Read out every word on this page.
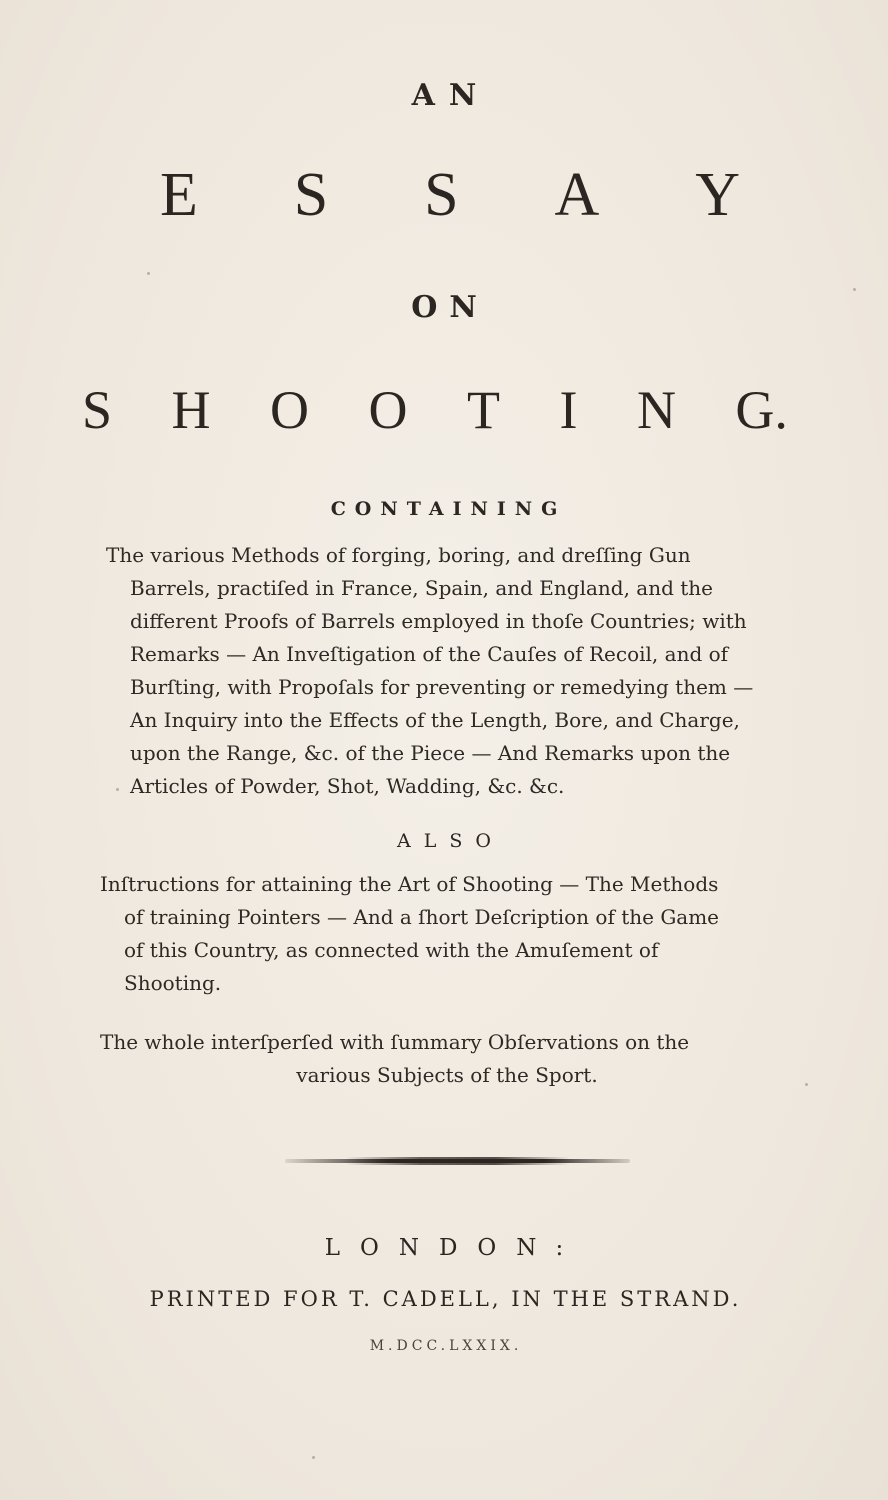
AN
E S S A Y
ON
S H O O T I N G.
CONTAINING
The various Methods of forging, boring, and dreſſing Gun
Barrels, practiſed in France, Spain, and England, and the
different Proofs of Barrels employed in thoſe Countries; with
Remarks — An Inveſtigation of the Cauſes of Recoil, and of
Burſting, with Propoſals for preventing or remedying them —
An Inquiry into the Effects of the Length, Bore, and Charge,
upon the Range, &c. of the Piece — And Remarks upon the
Articles of Powder, Shot, Wadding, &c. &c.
ALSO
Inſtructions for attaining the Art of Shooting — The Methods
of training Pointers — And a ſhort Deſcription of the Game
of this Country, as connected with the Amuſement of
Shooting.
The whole interſperſed with ſummary Obſervations on the
various Subjects of the Sport.
LONDON:
PRINTED FOR T. CADELL, IN THE STRAND.
M.DCC.LXXIX.
